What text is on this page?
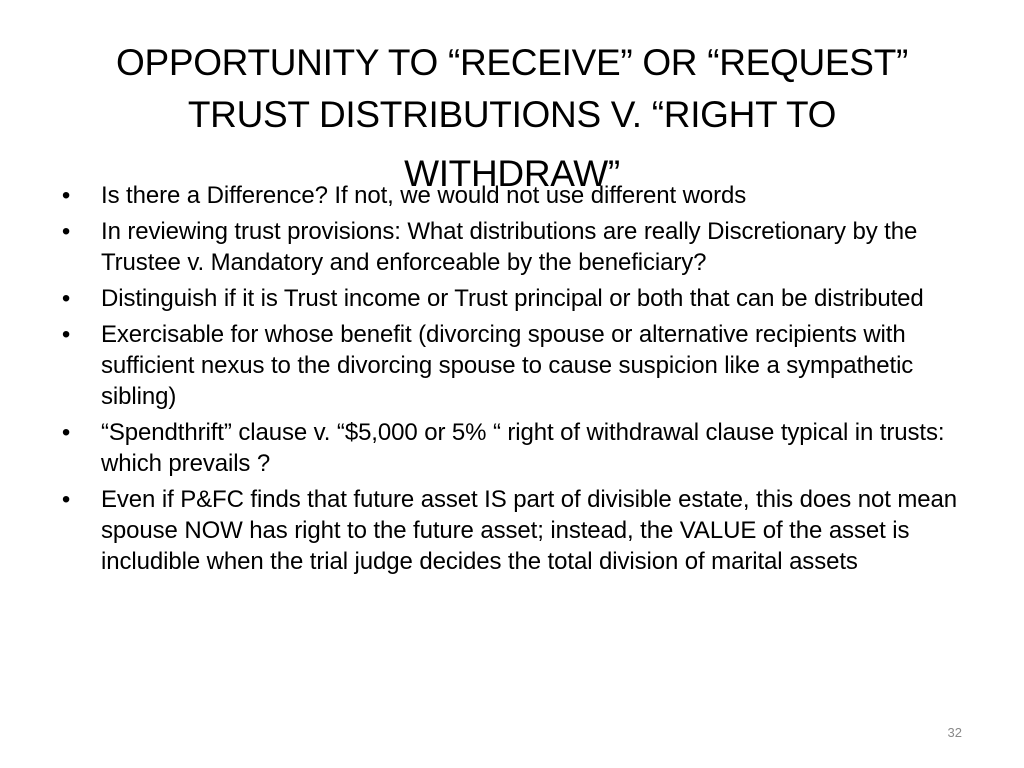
OPPORTUNITY TO “RECEIVE” OR “REQUEST”
TRUST DISTRIBUTIONS V. “RIGHT TO
WITHDRAW”
• Is there a Difference? If not, we would not use different words
• In reviewing trust provisions: What distributions are really Discretionary by the Trustee v. Mandatory and enforceable by the beneficiary?
• Distinguish if it is Trust income or Trust principal or both that can be distributed
• Exercisable for whose benefit (divorcing spouse or alternative recipients with sufficient nexus to the divorcing spouse to cause suspicion like a sympathetic sibling)
• “Spendthrift” clause v. “$5,000 or 5% “ right of withdrawal clause typical in trusts: which prevails ?
• Even if P&FC finds that future asset IS part of divisible estate, this does not mean spouse NOW has right to the future asset; instead, the VALUE of the asset is includible when the trial judge decides the total division of marital assets
32
